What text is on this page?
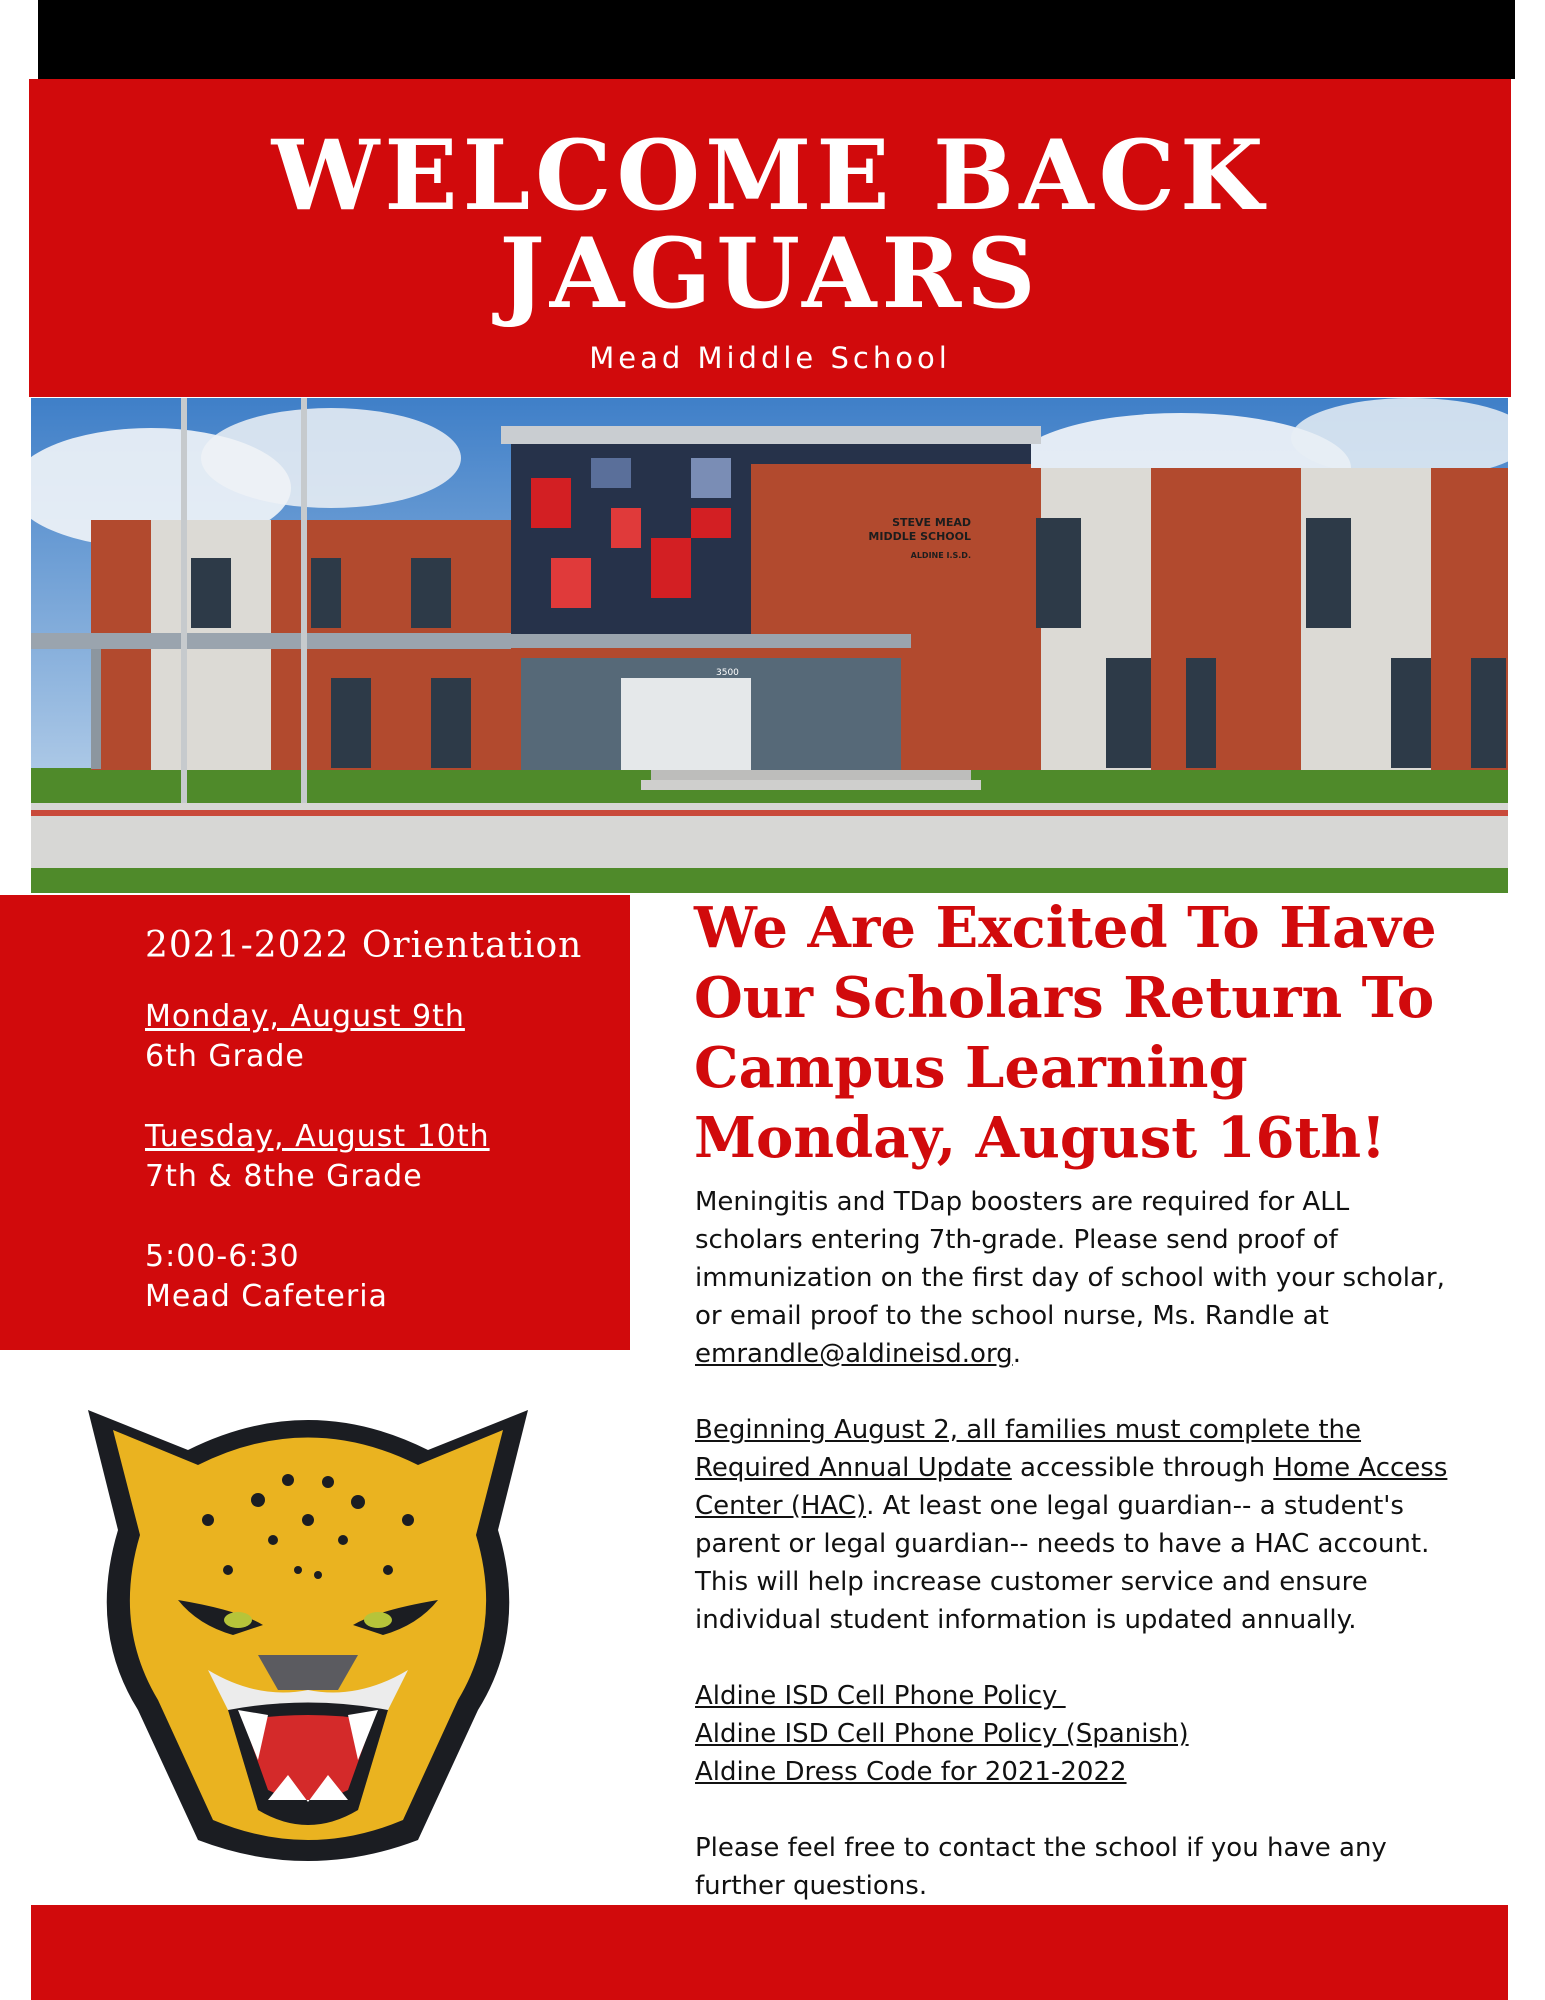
WELCOME BACK
JAGUARS
Mead Middle School
STEVE MEAD
MIDDLE SCHOOL
ALDINE I.S.D.
3500
2021-2022 Orientation
Monday, August 9th
6th Grade
Tuesday, August 10th
7th & 8the Grade
5:00-6:30
Mead Cafeteria
We Are Excited To Have
Our Scholars Return To
Campus Learning
Monday, August 16th!
Meningitis and TDap boosters are required for ALL
scholars entering 7th-grade. Please send proof of
immunization on the first day of school with your scholar,
or email proof to the school nurse, Ms. Randle at
emrandle@aldineisd.org.
Beginning August 2, all families must complete the
Required Annual Update accessible through Home Access
Center (HAC). At least one legal guardian-- a student's
parent or legal guardian-- needs to have a HAC account.
This will help increase customer service and ensure
individual student information is updated annually.
Aldine ISD Cell Phone Policy
Aldine ISD Cell Phone Policy (Spanish)
Aldine Dress Code for 2021-2022
Please feel free to contact the school if you have any
further questions.
